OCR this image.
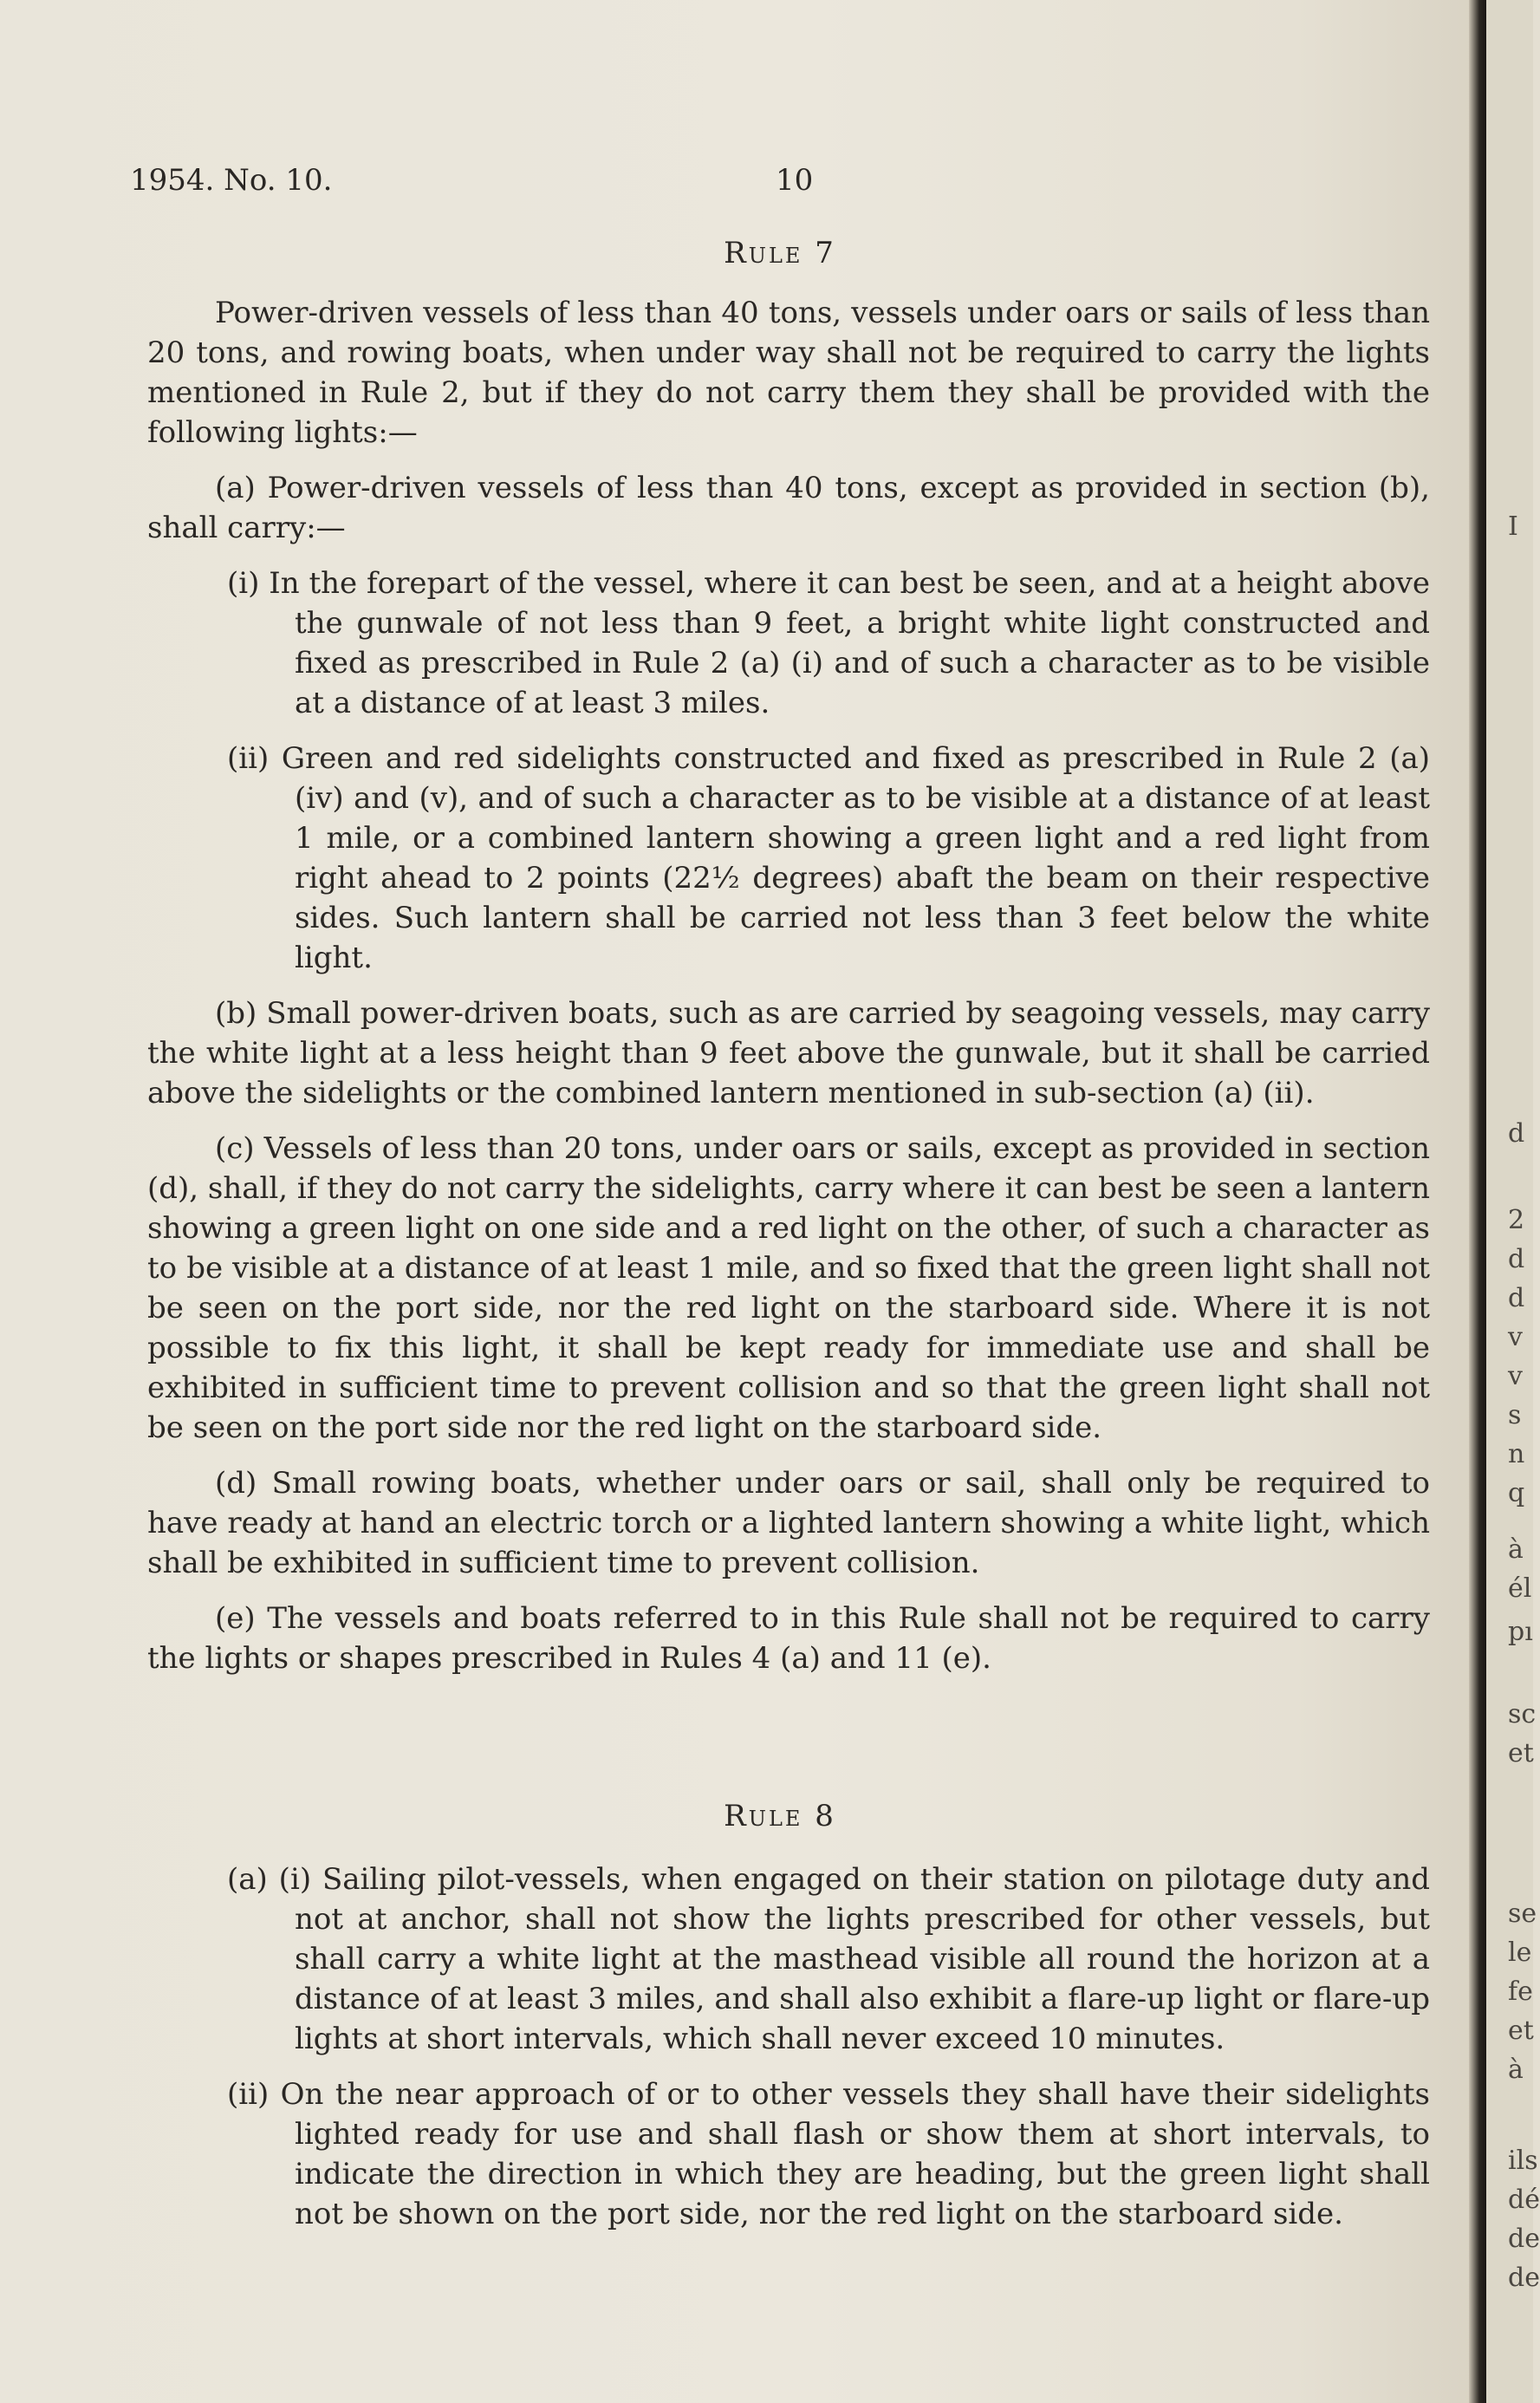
I
d
2
d
d
v
v
s
n
q
à
él
pı
sc
et
se
le
fe
et
à
ils
dé
de
de
1954. No. 10.	10
Rule 7

Power-driven vessels of less than 40 tons, vessels under oars or sails of less than 20 tons, and rowing boats, when under way shall not be required to carry the lights mentioned in Rule 2, but if they do not carry them they shall be provided with the following lights:—

(a) Power-driven vessels of less than 40 tons, except as provided in section (b), shall carry:—

(i) In the forepart of the vessel, where it can best be seen, and at a height above the gunwale of not less than 9 feet, a bright white light constructed and fixed as prescribed in Rule 2 (a) (i) and of such a character as to be visible at a distance of at least 3 miles.

(ii) Green and red sidelights constructed and fixed as prescribed in Rule 2 (a) (iv) and (v), and of such a character as to be visible at a distance of at least 1 mile, or a combined lantern showing a green light and a red light from right ahead to 2 points (22½ degrees) abaft the beam on their respective sides. Such lantern shall be carried not less than 3 feet below the white light.

(b) Small power-driven boats, such as are carried by seagoing vessels, may carry the white light at a less height than 9 feet above the gunwale, but it shall be carried above the sidelights or the combined lantern mentioned in sub-section (a) (ii).

(c) Vessels of less than 20 tons, under oars or sails, except as provided in section (d), shall, if they do not carry the sidelights, carry where it can best be seen a lantern showing a green light on one side and a red light on the other, of such a character as to be visible at a distance of at least 1 mile, and so fixed that the green light shall not be seen on the port side, nor the red light on the starboard side. Where it is not possible to fix this light, it shall be kept ready for immediate use and shall be exhibited in sufficient time to prevent collision and so that the green light shall not be seen on the port side nor the red light on the starboard side.

(d) Small rowing boats, whether under oars or sail, shall only be required to have ready at hand an electric torch or a lighted lantern showing a white light, which shall be exhibited in sufficient time to prevent collision.

(e) The vessels and boats referred to in this Rule shall not be required to carry the lights or shapes prescribed in Rules 4 (a) and 11 (e).

Rule 8

(a) (i) Sailing pilot-vessels, when engaged on their station on pilotage duty and not at anchor, shall not show the lights prescribed for other vessels, but shall carry a white light at the masthead visible all round the horizon at a distance of at least 3 miles, and shall also exhibit a flare-up light or flare-up lights at short intervals, which shall never exceed 10 minutes.

(ii) On the near approach of or to other vessels they shall have their sidelights lighted ready for use and shall flash or show them at short intervals, to indicate the direction in which they are heading, but the green light shall not be shown on the port side, nor the red light on the starboard side.
